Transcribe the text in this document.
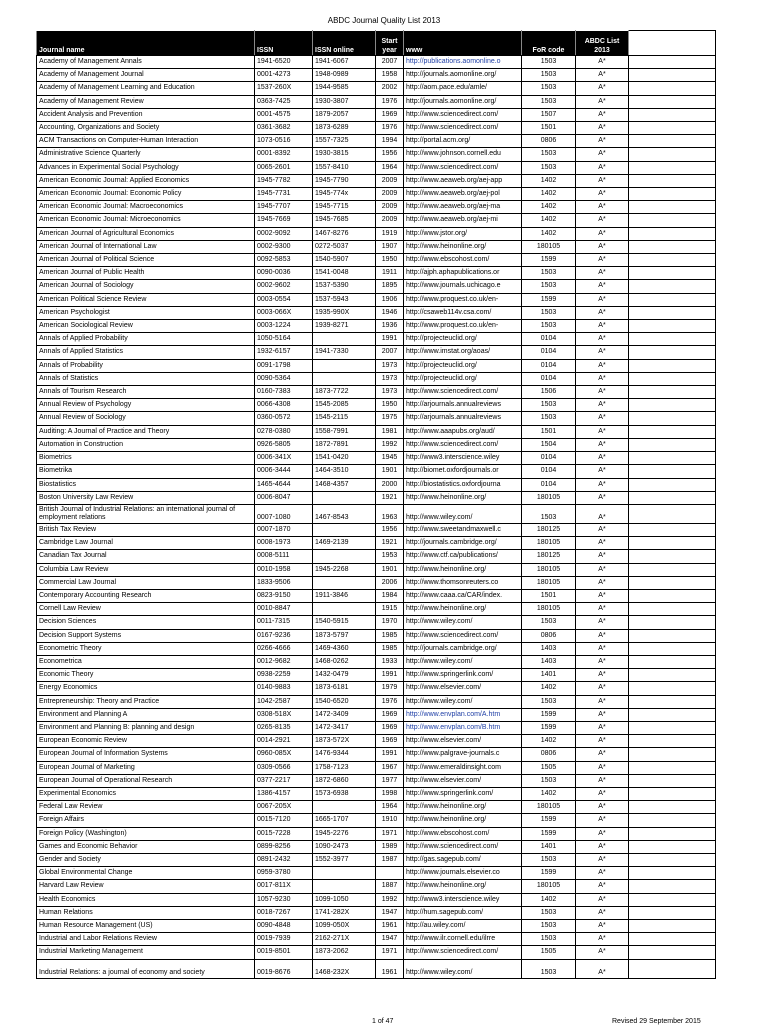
ABDC Journal Quality List 2013
Journal name	ISSN	ISSN online	Start year	www	FoR code	ABDC List 2013	
Academy of Management Annals	1941-6520	1941-6067	2007	http://publications.aomonline.o	1503	A*	
Academy of Management Journal	0001-4273	1948-0989	1958	http://journals.aomonline.org/	1503	A*	
Academy of Management Learning and Education	1537-260X	1944-9585	2002	http://aom.pace.edu/amle/	1503	A*	
Academy of Management Review	0363-7425	1930-3807	1976	http://journals.aomonline.org/	1503	A*	
Accident Analysis and Prevention	0001-4575	1879-2057	1969	http://www.sciencedirect.com/	1507	A*	
Accounting, Organizations and Society	0361-3682	1873-6289	1976	http://www.sciencedirect.com/	1501	A*	
ACM Transactions on Computer-Human Interaction	1073-0516	1557-7325	1994	http://portal.acm.org/	0806	A*	
Administrative Science Quarterly	0001-8392	1930-3815	1956	http://www.johnson.cornell.edu	1503	A*	
Advances in Experimental Social Psychology	0065-2601	1557-8410	1964	http://www.sciencedirect.com/	1503	A*	
American Economic Journal: Applied Economics	1945-7782	1945-7790	2009	http://www.aeaweb.org/aej-app	1402	A*	
American Economic Journal: Economic Policy	1945-7731	1945-774x	2009	http://www.aeaweb.org/aej-pol	1402	A*	
American Economic Journal: Macroeconomics	1945-7707	1945-7715	2009	http://www.aeaweb.org/aej-ma	1402	A*	
American Economic Journal: Microeconomics	1945-7669	1945-7685	2009	http://www.aeaweb.org/aej-mi	1402	A*	
American Journal of Agricultural Economics	0002-9092	1467-8276	1919	http://www.jstor.org/	1402	A*	
American Journal of International Law	0002-9300	0272-5037	1907	http://www.heinonline.org/	180105	A*	
American Journal of Political Science	0092-5853	1540-5907	1950	http://www.ebscohost.com/	1599	A*	
American Journal of Public Health	0090-0036	1541-0048	1911	http://ajph.aphapublications.or	1503	A*	
American Journal of Sociology	0002-9602	1537-5390	1895	http://www.journals.uchicago.e	1503	A*	
American Political Science Review	0003-0554	1537-5943	1906	http://www.proquest.co.uk/en-	1599	A*	
American Psychologist	0003-066X	1935-990X	1946	http://csaweb114v.csa.com/	1503	A*	
American Sociological Review	0003-1224	1939-8271	1936	http://www.proquest.co.uk/en-	1503	A*	
Annals of Applied Probability	1050-5164		1991	http://projecteuclid.org/	0104	A*	
Annals of Applied Statistics	1932-6157	1941-7330	2007	http://www.imstat.org/aoas/	0104	A*	
Annals of Probability	0091-1798		1973	http://projecteuclid.org/	0104	A*	
Annals of Statistics	0090-5364		1973	http://projecteuclid.org/	0104	A*	
Annals of Tourism Research	0160-7383	1873-7722	1973	http://www.sciencedirect.com/	1506	A*	
Annual Review of Psychology	0066-4308	1545-2085	1950	http://arjournals.annualreviews	1503	A*	
Annual Review of Sociology	0360-0572	1545-2115	1975	http://arjournals.annualreviews	1503	A*	
Auditing: A Journal of Practice and Theory	0278-0380	1558-7991	1981	http://www.aaapubs.org/aud/	1501	A*	
Automation in Construction	0926-5805	1872-7891	1992	http://www.sciencedirect.com/	1504	A*	
Biometrics	0006-341X	1541-0420	1945	http://www3.interscience.wiley	0104	A*	
Biometrika	0006-3444	1464-3510	1901	http://biomet.oxfordjournals.or	0104	A*	
Biostatistics	1465-4644	1468-4357	2000	http://biostatistics.oxfordjourna	0104	A*	
Boston University Law Review	0006-8047		1921	http://www.heinonline.org/	180105	A*	
British Journal of Industrial Relations: an international journal of employment relations	0007-1080	1467-8543	1963	http://www.wiley.com/	1503	A*	
British Tax Review	0007-1870		1956	http://www.sweetandmaxwell.c	180125	A*	
Cambridge Law Journal	0008-1973	1469-2139	1921	http://journals.cambridge.org/	180105	A*	
Canadian Tax Journal	0008-5111		1953	http://www.ctf.ca/publications/	180125	A*	
Columbia Law Review	0010-1958	1945-2268	1901	http://www.heinonline.org/	180105	A*	
Commercial Law Journal	1833-9506		2006	http://www.thomsonreuters.co	180105	A*	
Contemporary Accounting Research	0823-9150	1911-3846	1984	http://www.caaa.ca/CAR/index.	1501	A*	
Cornell Law Review	0010-8847		1915	http://www.heinonline.org/	180105	A*	
Decision Sciences	0011-7315	1540-5915	1970	http://www.wiley.com/	1503	A*	
Decision Support Systems	0167-9236	1873-5797	1985	http://www.sciencedirect.com/	0806	A*	
Econometric Theory	0266-4666	1469-4360	1985	http://journals.cambridge.org/	1403	A*	
Econometrica	0012-9682	1468-0262	1933	http://www.wiley.com/	1403	A*	
Economic Theory	0938-2259	1432-0479	1991	http://www.springerlink.com/	1401	A*	
Energy Economics	0140-9883	1873-6181	1979	http://www.elsevier.com/	1402	A*	
Entrepreneurship: Theory and Practice	1042-2587	1540-6520	1976	http://www.wiley.com/	1503	A*	
Environment and Planning A	0308-518X	1472-3409	1969	http://www.envplan.com/A.htm	1599	A*	
Environment and Planning B: planning and design	0265-8135	1472-3417	1969	http://www.envplan.com/B.htm	1599	A*	
European Economic Review	0014-2921	1873-572X	1969	http://www.elsevier.com/	1402	A*	
European Journal of Information Systems	0960-085X	1476-9344	1991	http://www.palgrave-journals.c	0806	A*	
European Journal of Marketing	0309-0566	1758-7123	1967	http://www.emeraldinsight.com	1505	A*	
European Journal of Operational Research	0377-2217	1872-6860	1977	http://www.elsevier.com/	1503	A*	
Experimental Economics	1386-4157	1573-6938	1998	http://www.springerlink.com/	1402	A*	
Federal Law Review	0067-205X		1964	http://www.heinonline.org/	180105	A*	
Foreign Affairs	0015-7120	1665-1707	1910	http://www.heinonline.org/	1599	A*	
Foreign Policy (Washington)	0015-7228	1945-2276	1971	http://www.ebscohost.com/	1599	A*	
Games and Economic Behavior	0899-8256	1090-2473	1989	http://www.sciencedirect.com/	1401	A*	
Gender and Society	0891-2432	1552-3977	1987	http://gas.sagepub.com/	1503	A*	
Global Environmental Change	0959-3780			http://www.journals.elsevier.co	1599	A*	
Harvard Law Review	0017-811X		1887	http://www.heinonline.org/	180105	A*	
Health Economics	1057-9230	1099-1050	1992	http://www3.interscience.wiley	1402	A*	
Human Relations	0018-7267	1741-282X	1947	http://hum.sagepub.com/	1503	A*	
Human Resource Management (US)	0090-4848	1099-050X	1961	http://au.wiley.com/	1503	A*	
Industrial and Labor Relations Review	0019-7939	2162-271X	1947	http://www.ilr.cornell.edu/ilrre	1503	A*	
Industrial Marketing Management	0019-8501	1873-2062	1971	http://www.sciencedirect.com/	1505	A*	
Industrial Relations: a journal of economy and society	0019-8676	1468-232X	1961	http://www.wiley.com/	1503	A*	
1 of 47	Revised 29 September 2015
